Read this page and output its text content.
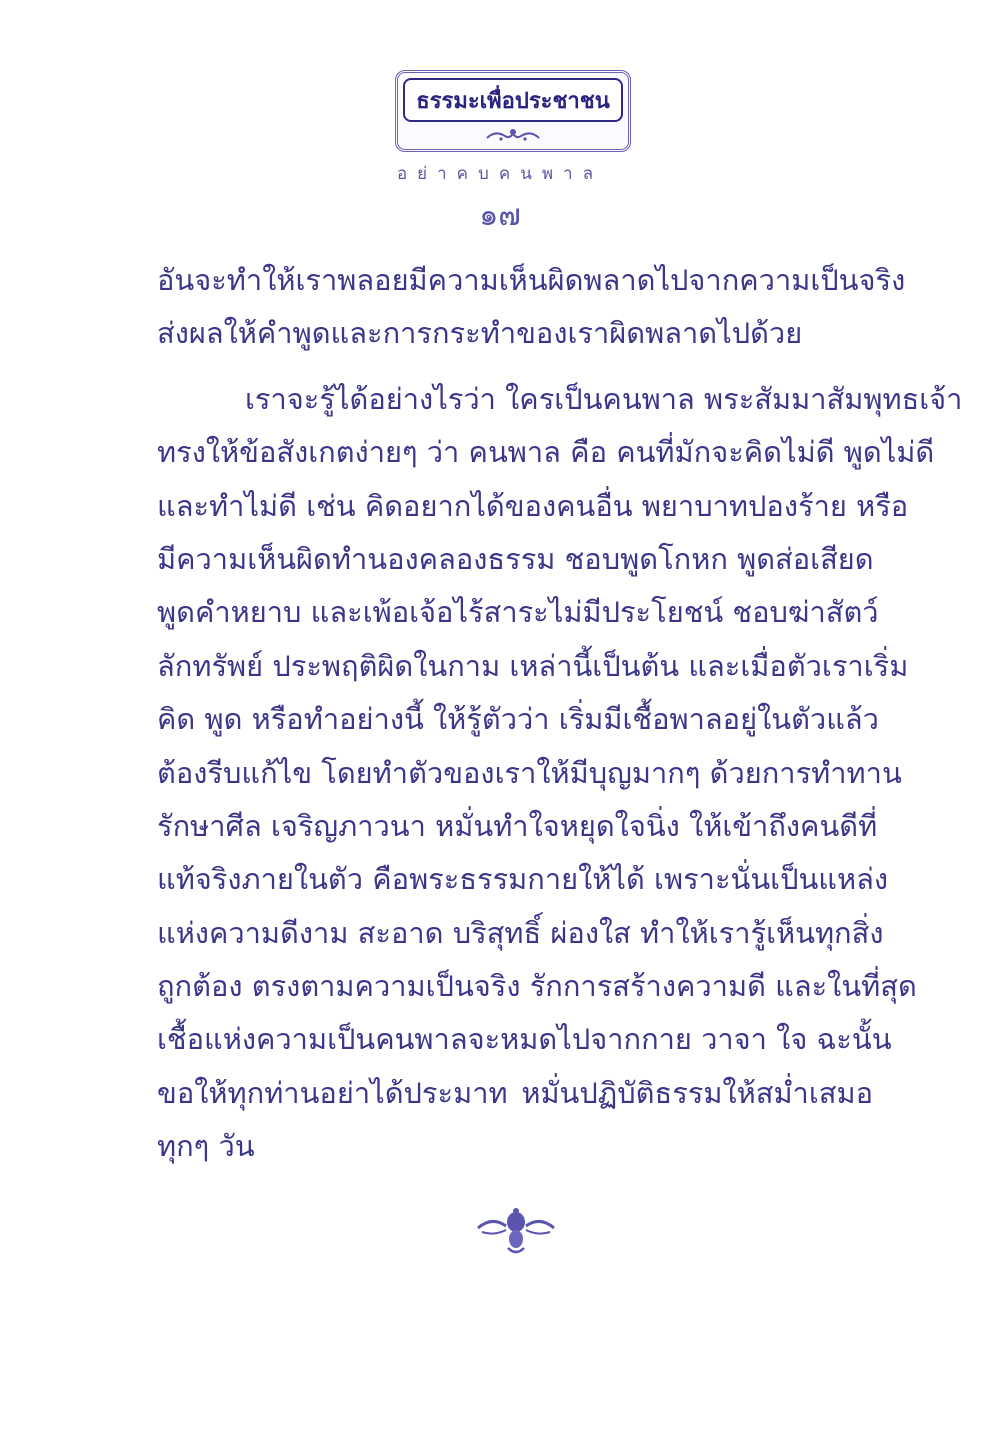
ธรรมะเพื่อประชาชน
อย่าคบคนพาล
๑๗
อันจะทำให้เราพลอยมีความเห็นผิดพลาดไปจากความเป็นจริง
ส่งผลให้คำพูดและการกระทำของเราผิดพลาดไปด้วย
เราจะรู้ได้อย่างไรว่า ใครเป็นคนพาล พระสัมมาสัมพุทธเจ้า
ทรงให้ข้อสังเกตง่ายๆ ว่า คนพาล คือ คนที่มักจะคิดไม่ดี พูดไม่ดี
และทำไม่ดี เช่น คิดอยากได้ของคนอื่น พยาบาทปองร้าย หรือ
มีความเห็นผิดทำนองคลองธรรม ชอบพูดโกหก พูดส่อเสียด
พูดคำหยาบ และเพ้อเจ้อไร้สาระไม่มีประโยชน์ ชอบฆ่าสัตว์
ลักทรัพย์ ประพฤติผิดในกาม เหล่านี้เป็นต้น และเมื่อตัวเราเริ่ม
คิด พูด หรือทำอย่างนี้ ให้รู้ตัวว่า เริ่มมีเชื้อพาลอยู่ในตัวแล้ว
ต้องรีบแก้ไข โดยทำตัวของเราให้มีบุญมากๆ ด้วยการทำทาน
รักษาศีล เจริญภาวนา หมั่นทำใจหยุดใจนิ่ง ให้เข้าถึงคนดีที่
แท้จริงภายในตัว คือพระธรรมกายให้ได้ เพราะนั่นเป็นแหล่ง
แห่งความดีงาม สะอาด บริสุทธิ์ ผ่องใส ทำให้เรารู้เห็นทุกสิ่ง
ถูกต้อง ตรงตามความเป็นจริง รักการสร้างความดี และในที่สุด
เชื้อแห่งความเป็นคนพาลจะหมดไปจากกาย วาจา ใจ ฉะนั้น
ขอให้ทุกท่านอย่าได้ประมาท หมั่นปฏิบัติธรรมให้สม่ำเสมอ
ทุกๆ วัน
